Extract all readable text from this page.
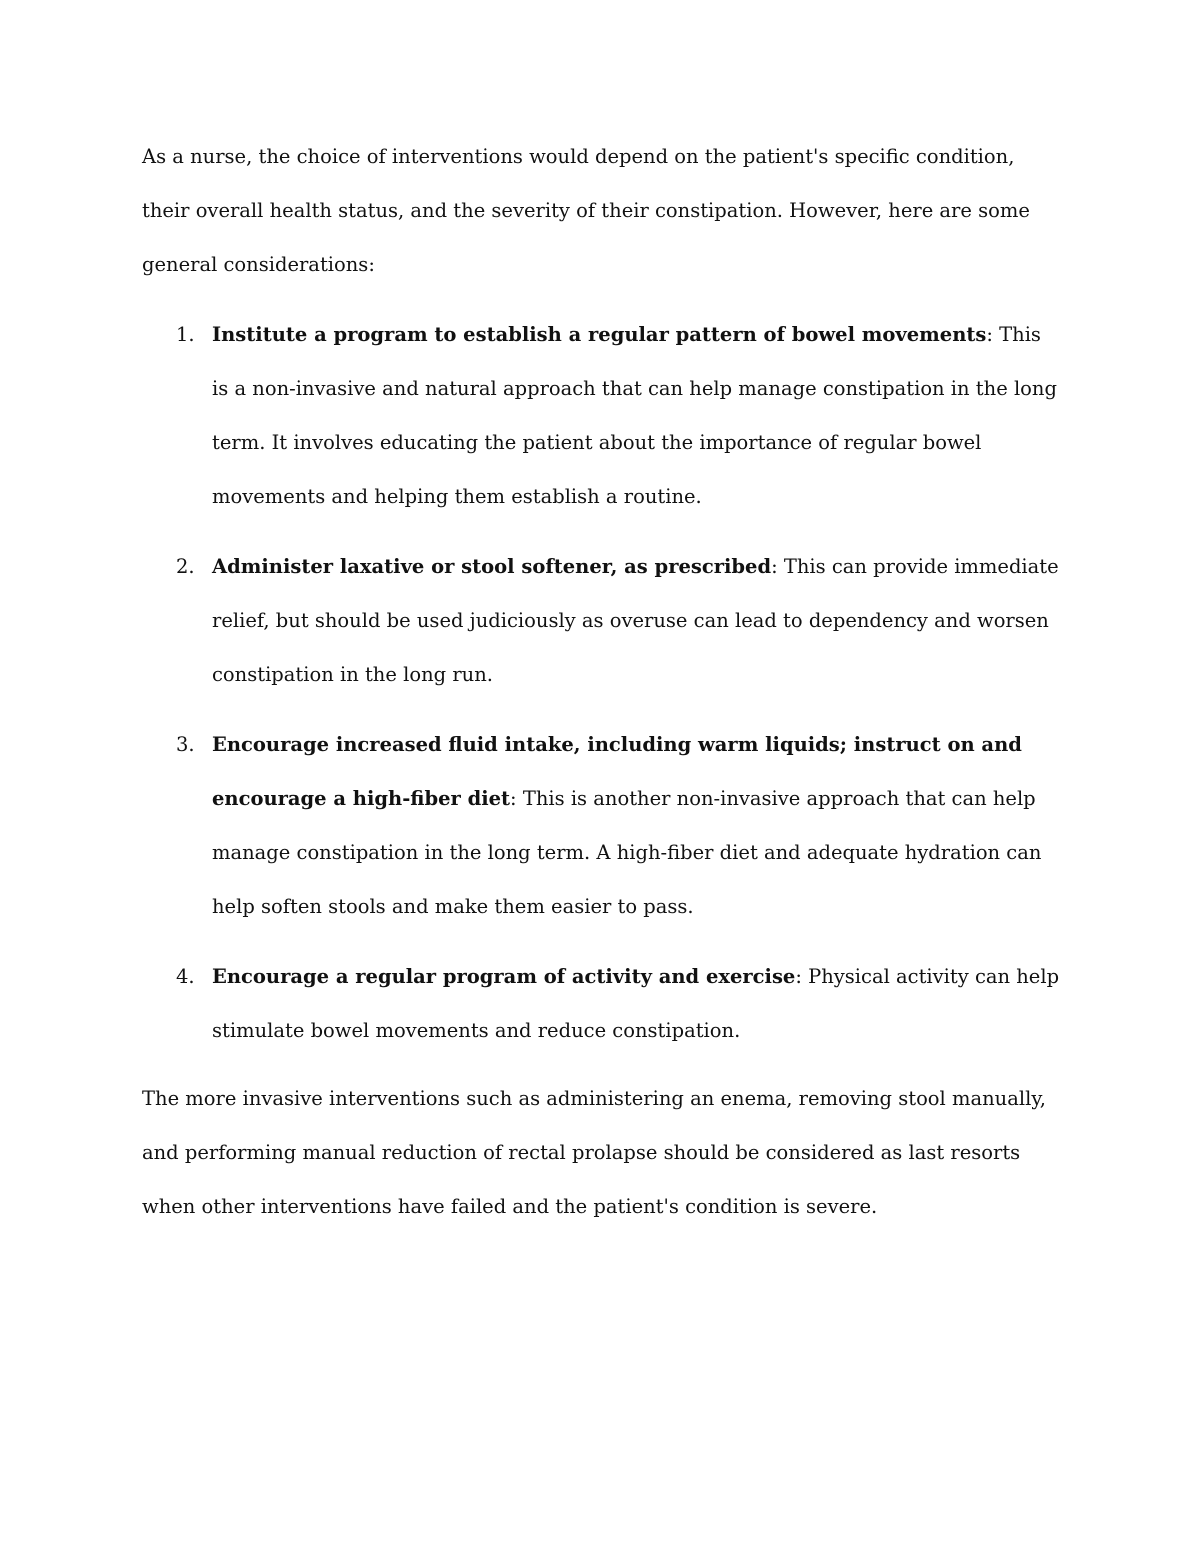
As a nurse, the choice of interventions would depend on the patient's specific condition, their overall health status, and the severity of their constipation. However, here are some general considerations:

1. Institute a program to establish a regular pattern of bowel movements: This is a non-invasive and natural approach that can help manage constipation in the long term. It involves educating the patient about the importance of regular bowel movements and helping them establish a routine.
2. Administer laxative or stool softener, as prescribed: This can provide immediate relief, but should be used judiciously as overuse can lead to dependency and worsen constipation in the long run.
3. Encourage increased fluid intake, including warm liquids; instruct on and encourage a high-fiber diet: This is another non-invasive approach that can help manage constipation in the long term. A high-fiber diet and adequate hydration can help soften stools and make them easier to pass.
4. Encourage a regular program of activity and exercise: Physical activity can help stimulate bowel movements and reduce constipation.

The more invasive interventions such as administering an enema, removing stool manually, and performing manual reduction of rectal prolapse should be considered as last resorts when other interventions have failed and the patient's condition is severe.
